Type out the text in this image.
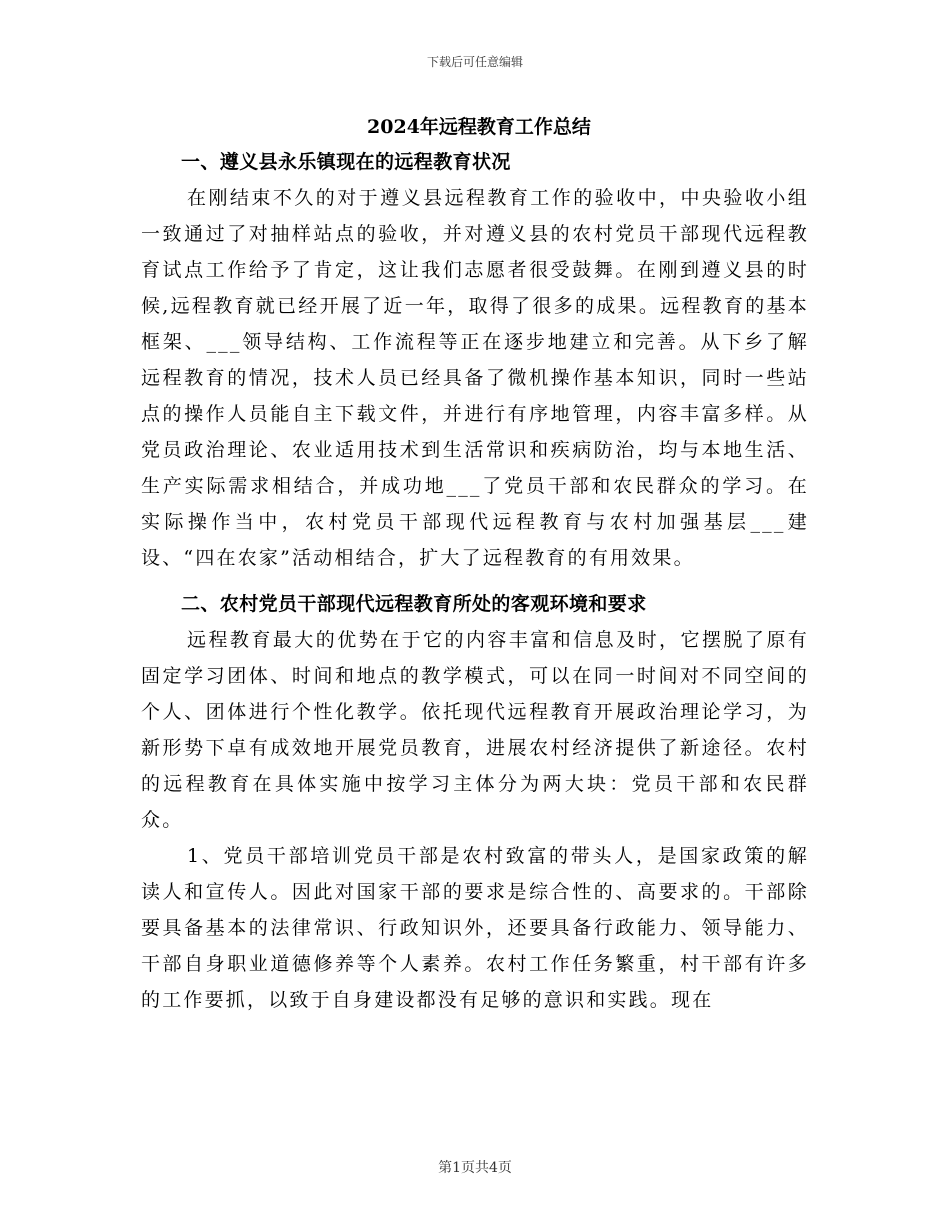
下载后可任意编辑
2024年远程教育工作总结
一、遵义县永乐镇现在的远程教育状况

在刚结束不久的对于遵义县远程教育工作的验收中，中央验收小组一致通过了对抽样站点的验收，并对遵义县的农村党员干部现代远程教育试点工作给予了肯定，这让我们志愿者很受鼓舞。在刚到遵义县的时候,远程教育就已经开展了近一年，取得了很多的成果。远程教育的基本框架、___领导结构、工作流程等正在逐步地建立和完善。从下乡了解远程教育的情况，技术人员已经具备了微机操作基本知识，同时一些站点的操作人员能自主下载文件，并进行有序地管理，内容丰富多样。从党员政治理论、农业适用技术到生活常识和疾病防治，均与本地生活、生产实际需求相结合，并成功地___了党员干部和农民群众的学习。在实际操作当中，农村党员干部现代远程教育与农村加强基层___建设、“四在农家”活动相结合，扩大了远程教育的有用效果。

二、农村党员干部现代远程教育所处的客观环境和要求

远程教育最大的优势在于它的内容丰富和信息及时，它摆脱了原有固定学习团体、时间和地点的教学模式，可以在同一时间对不同空间的个人、团体进行个性化教学。依托现代远程教育开展政治理论学习，为新形势下卓有成效地开展党员教育，进展农村经济提供了新途径。农村的远程教育在具体实施中按学习主体分为两大块：党员干部和农民群众。

1、党员干部培训党员干部是农村致富的带头人，是国家政策的解读人和宣传人。因此对国家干部的要求是综合性的、高要求的。干部除要具备基本的法律常识、行政知识外，还要具备行政能力、领导能力、干部自身职业道德修养等个人素养。农村工作任务繁重，村干部有许多的工作要抓，以致于自身建设都没有足够的意识和实践。现在

第1页共4页
